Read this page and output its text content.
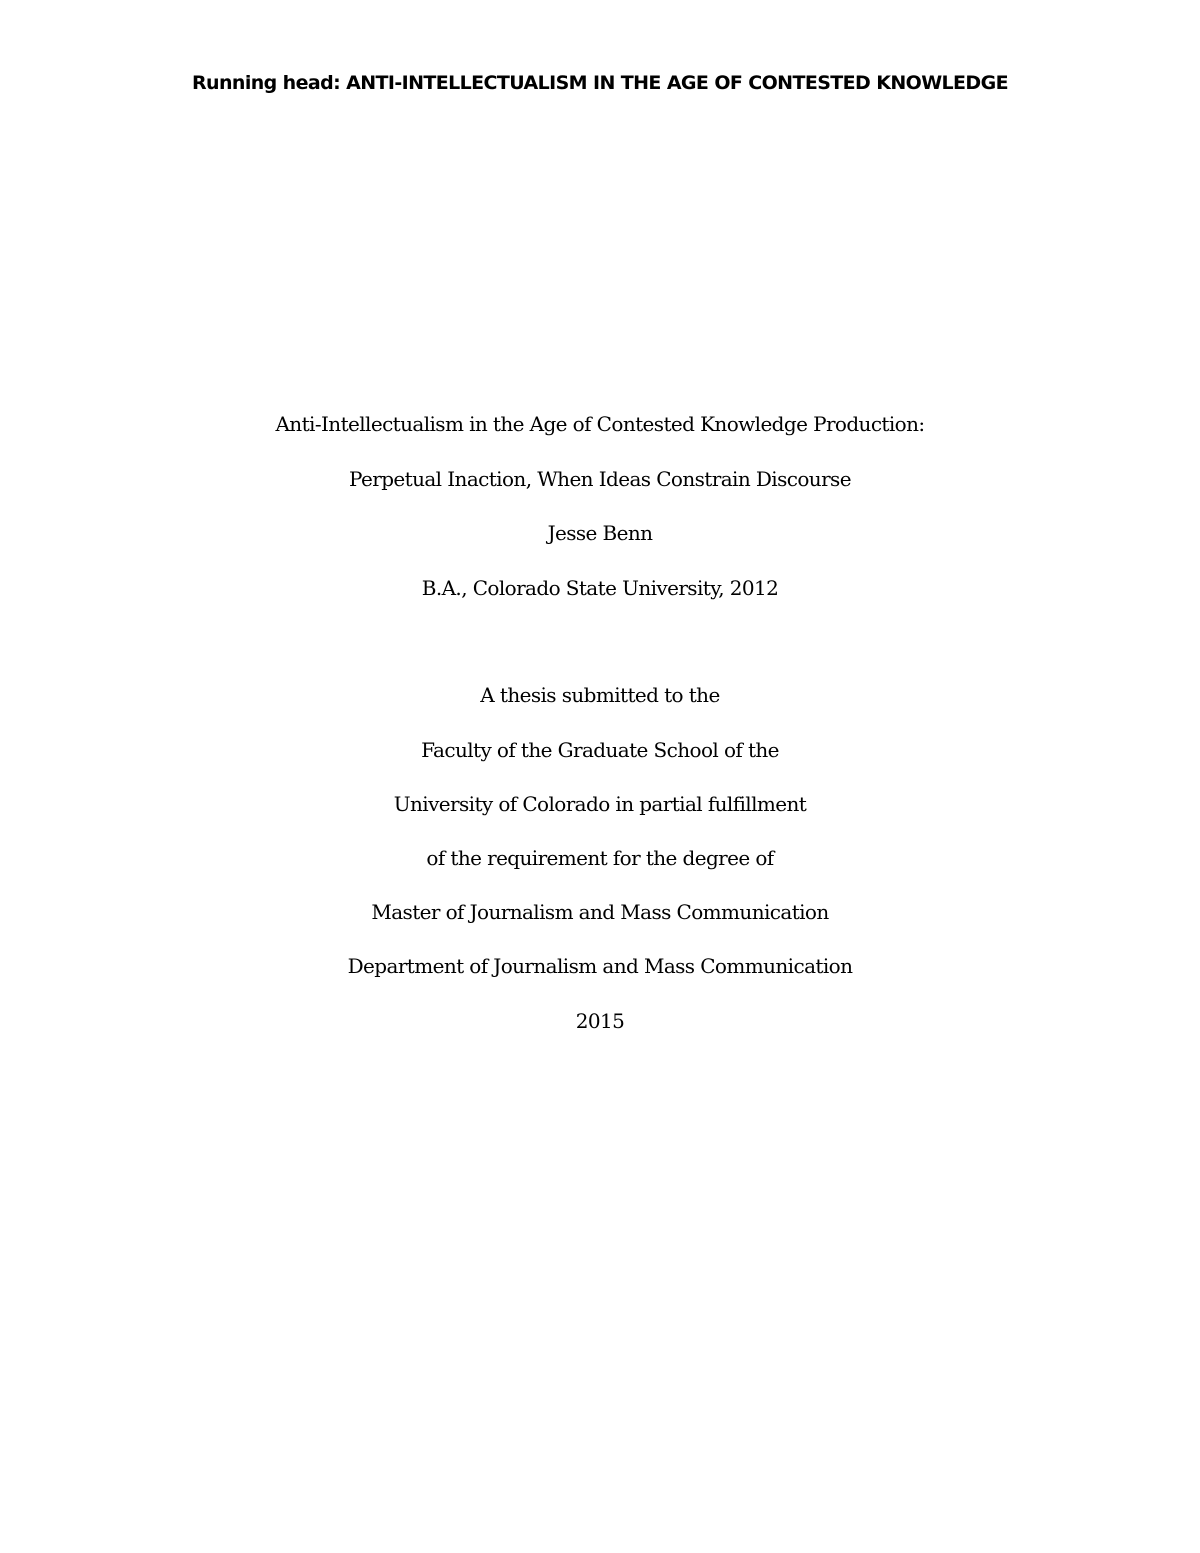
Running head: ANTI-INTELLECTUALISM IN THE AGE OF CONTESTED KNOWLEDGE
Anti-Intellectualism in the Age of Contested Knowledge Production:
Perpetual Inaction, When Ideas Constrain Discourse
Jesse Benn
B.A., Colorado State University, 2012
A thesis submitted to the
Faculty of the Graduate School of the
University of Colorado in partial fulfillment
of the requirement for the degree of
Master of Journalism and Mass Communication
Department of Journalism and Mass Communication
2015
